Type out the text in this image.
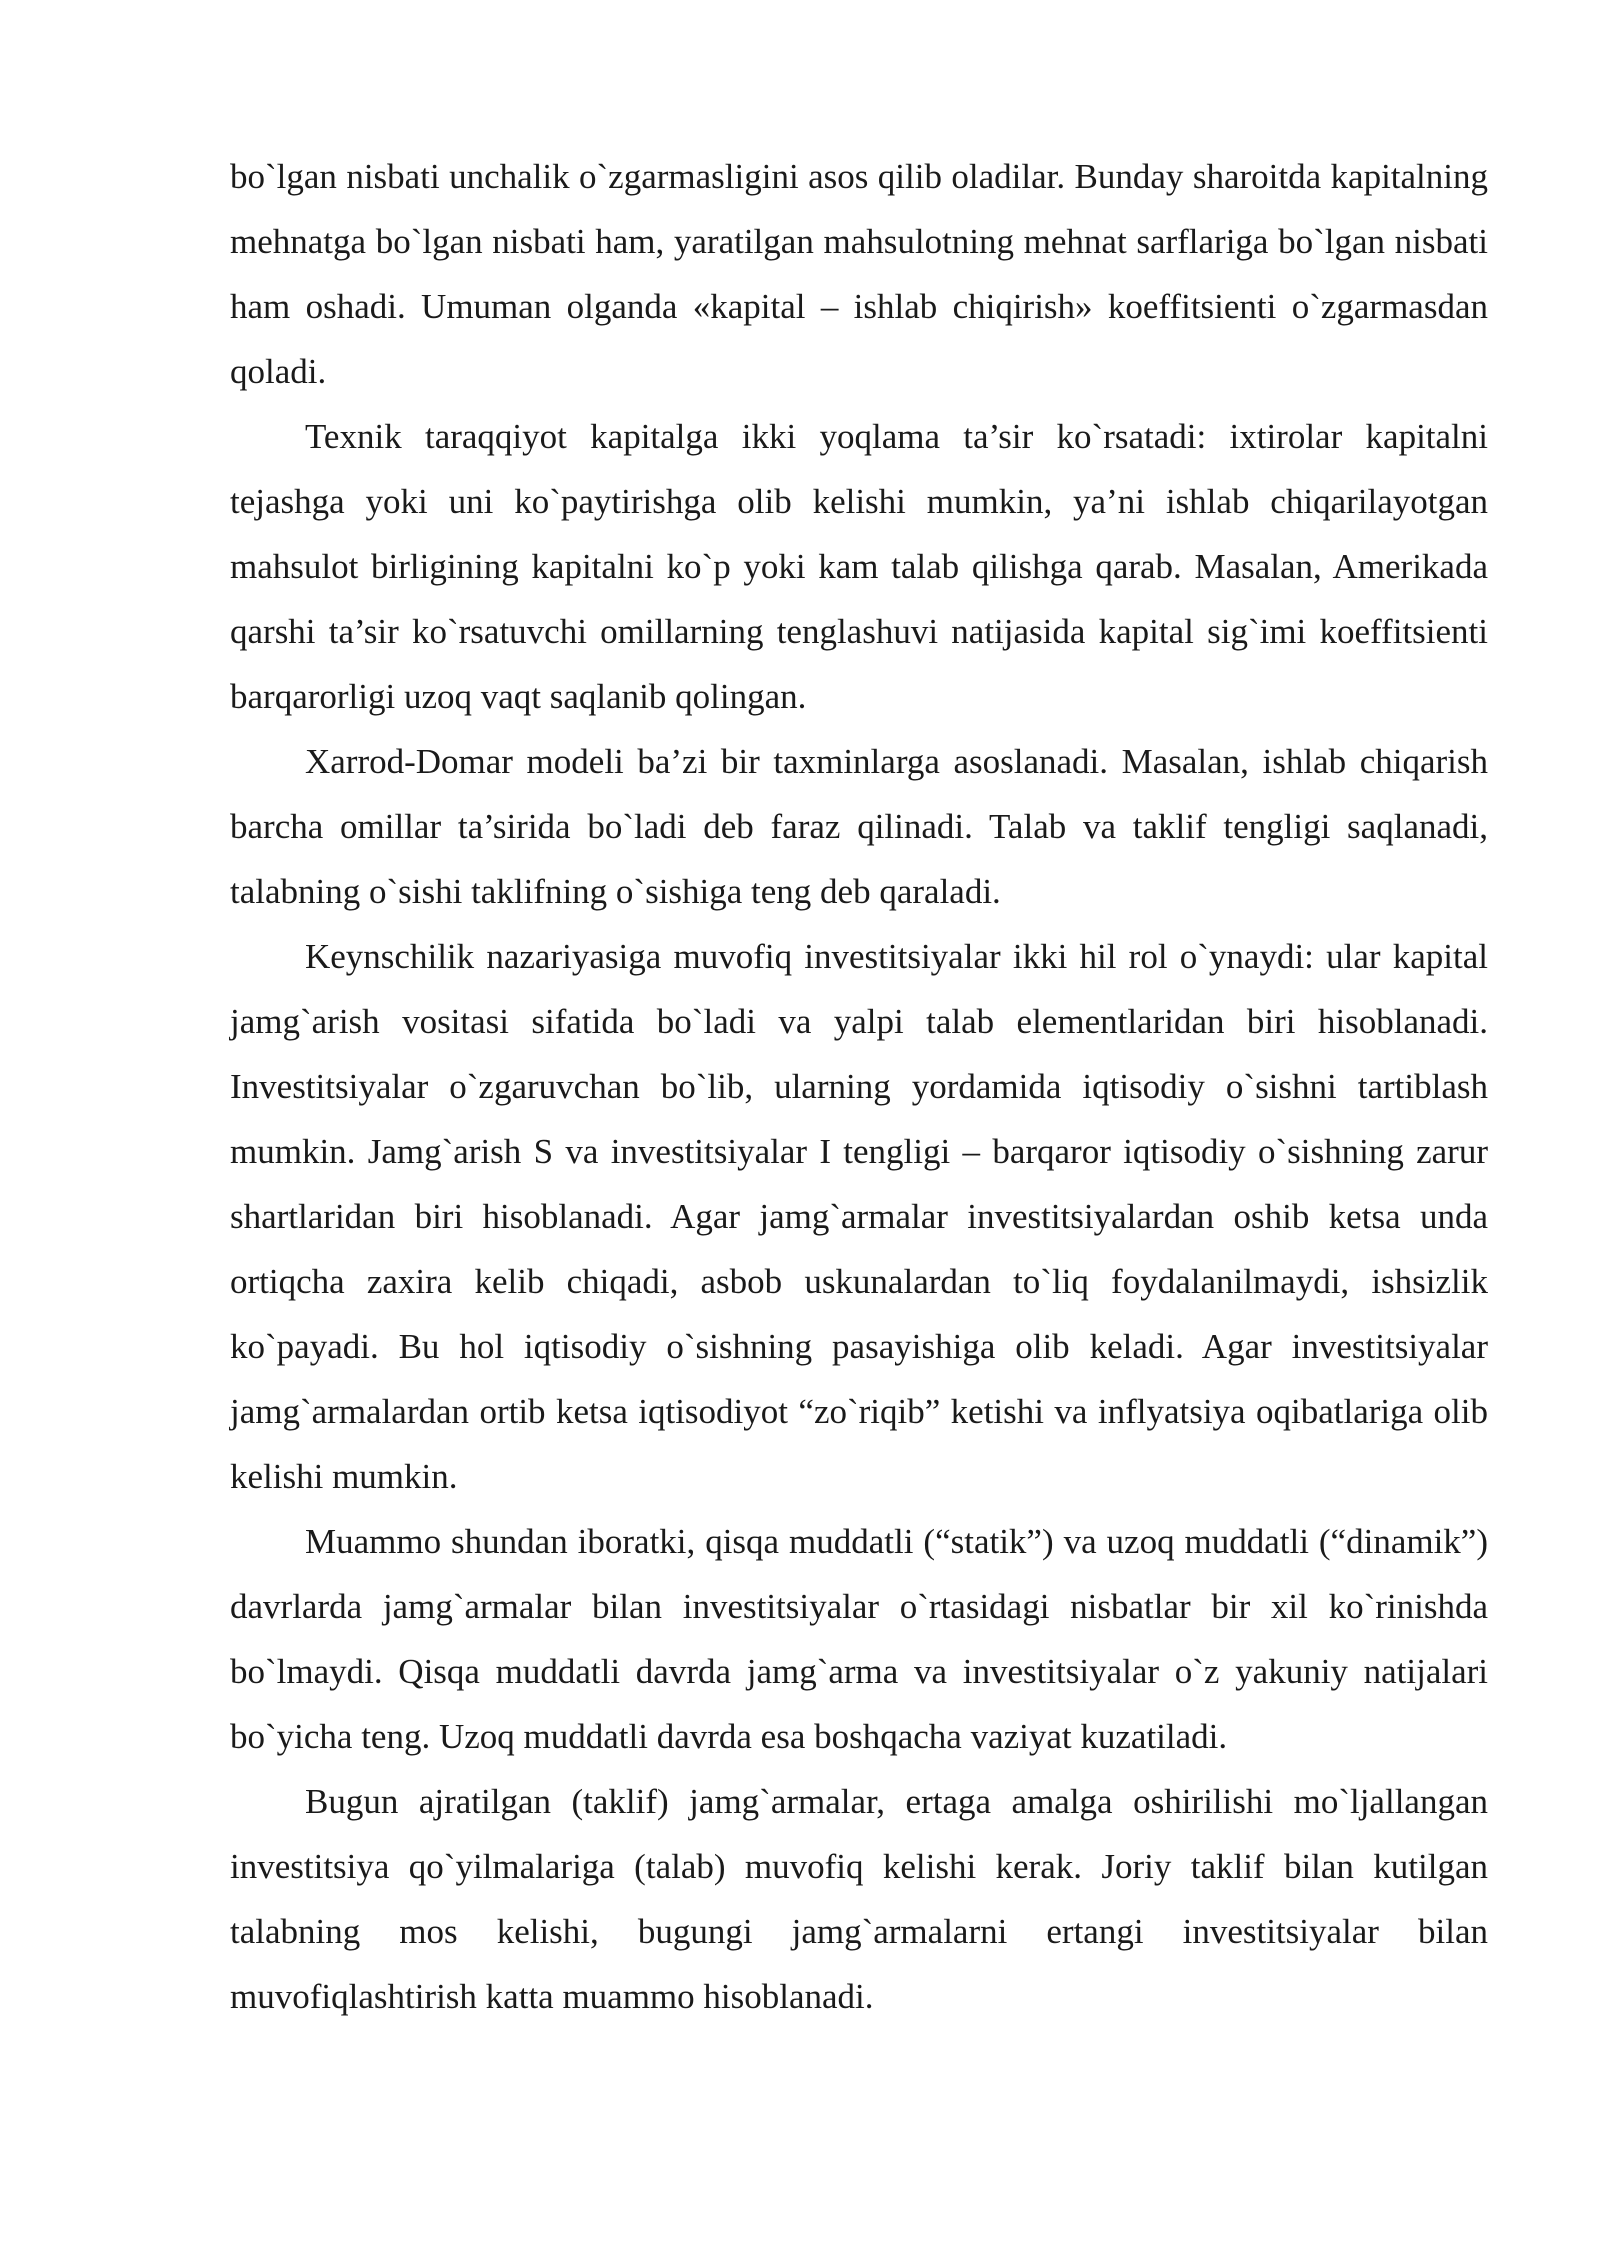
bo`lgan nisbati unchalik o`zgarmasligini asos qilib oladilar. Bunday sharoitda kapitalning mehnatga bo`lgan nisbati ham, yaratilgan mahsulotning mehnat sarflariga bo`lgan nisbati ham oshadi. Umuman olganda «kapital – ishlab chiqirish» koeffitsienti o`zgarmasdan qoladi.

Texnik taraqqiyot kapitalga ikki yoqlama ta’sir ko`rsatadi: ixtirolar kapitalni tejashga yoki uni ko`paytirishga olib kelishi mumkin, ya’ni ishlab chiqarilayotgan mahsulot birligining kapitalni ko`p yoki kam talab qilishga qarab. Masalan, Amerikada qarshi ta’sir ko`rsatuvchi omillarning tenglashuvi natijasida kapital sig`imi koeffitsienti barqarorligi uzoq vaqt saqlanib qolingan.

Xarrod-Domar modeli ba’zi bir taxminlarga asoslanadi. Masalan, ishlab chiqarish barcha omillar ta’sirida bo`ladi deb faraz qilinadi. Talab va taklif tengligi saqlanadi, talabning o`sishi taklifning o`sishiga teng deb qaraladi.

Keynschilik nazariyasiga muvofiq investitsiyalar ikki hil rol o`ynaydi: ular kapital jamg`arish vositasi sifatida bo`ladi va yalpi talab elementlaridan biri hisoblanadi. Investitsiyalar o`zgaruvchan bo`lib, ularning yordamida iqtisodiy o`sishni tartiblash mumkin. Jamg`arish S va investitsiyalar I tengligi – barqaror iqtisodiy o`sishning zarur shartlaridan biri hisoblanadi. Agar jamg`armalar investitsiyalardan oshib ketsa unda ortiqcha zaxira kelib chiqadi, asbob uskunalardan to`liq foydalanilmaydi, ishsizlik ko`payadi. Bu hol iqtisodiy o`sishning pasayishiga olib keladi. Agar investitsiyalar jamg`armalardan ortib ketsa iqtisodiyot “zo`riqib” ketishi va inflyatsiya oqibatlariga olib kelishi mumkin.

Muammo shundan iboratki, qisqa muddatli (“statik”) va uzoq muddatli (“dinamik”) davrlarda jamg`armalar bilan investitsiyalar o`rtasidagi nisbatlar bir xil ko`rinishda bo`lmaydi. Qisqa muddatli davrda jamg`arma va investitsiyalar o`z yakuniy natijalari bo`yicha teng. Uzoq muddatli davrda esa boshqacha vaziyat kuzatiladi.

Bugun ajratilgan (taklif) jamg`armalar, ertaga amalga oshirilishi mo`ljallangan investitsiya qo`yilmalariga (talab) muvofiq kelishi kerak. Joriy taklif bilan kutilgan talabning mos kelishi, bugungi jamg`armalarni ertangi investitsiyalar bilan muvofiqlashtirish katta muammo hisoblanadi.
